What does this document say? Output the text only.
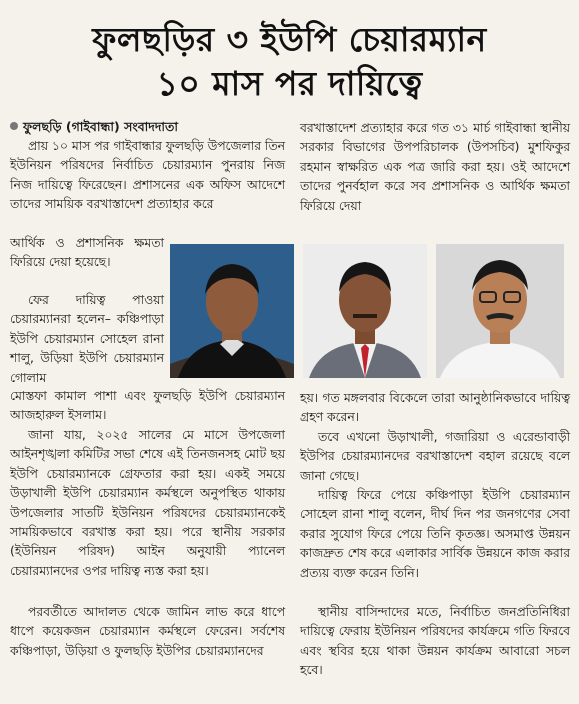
ফুলছড়ির ৩ ইউপি চেয়ারম্যান
১০ মাস পর দায়িত্বে
ফুলছড়ি (গাইবান্ধা) সংবাদদাতা

প্রায় ১০ মাস পর গাইবান্ধার ফুলছড়ি উপজেলার তিন ইউনিয়ন পরিষদের নির্বাচিত চেয়ারম্যান পুনরায় নিজ নিজ দায়িত্বে ফিরেছেন। প্রশাসনের এক অফিস আদেশে তাদের সাময়িক বরখাস্তাদেশ প্রত্যাহার করে

আর্থিক ও প্রশাসনিক ক্ষমতা ফিরিয়ে দেয়া হয়েছে।

ফের দায়িত্ব পাওয়া চেয়ারম্যানরা হলেন– কঞ্চিপাড়া ইউপি চেয়ারম্যান সোহেল রানা শালু, উড়িয়া ইউপি চেয়ারম্যান গোলাম

মোস্তফা কামাল পাশা এবং ফুলছড়ি ইউপি চেয়ারম্যান আজহারুল ইসলাম।

জানা যায়, ২০২৫ সালের মে মাসে উপজেলা আইনশৃঙ্খলা কমিটির সভা শেষে এই তিনজনসহ মোট ছয় ইউপি চেয়ারম্যানকে গ্রেফতার করা হয়। একই সময়ে উড়াখালী ইউপি চেয়ারম্যান কর্মস্থলে অনুপস্থিত থাকায় উপজেলার সাতটি ইউনিয়ন পরিষদের চেয়ারম্যানকেই সাময়িকভাবে বরখাস্ত করা হয়। পরে স্থানীয় সরকার (ইউনিয়ন পরিষদ) আইন অনুযায়ী প্যানেল চেয়ারম্যানদের ওপর দায়িত্ব ন্যস্ত করা হয়।

পরবর্তীতে আদালত থেকে জামিন লাভ করে ধাপে ধাপে কয়েকজন চেয়ারম্যান কর্মস্থলে ফেরেন। সর্বশেষ কঞ্চিপাড়া, উড়িয়া ও ফুলছড়ি ইউপির চেয়ারম্যানদের

বরখাস্তাদেশ প্রত্যাহার করে গত ৩১ মার্চ গাইবান্ধা স্থানীয় সরকার বিভাগের উপপরিচালক (উপসচিব) মুশফিকুর রহমান স্বাক্ষরিত এক পত্র জারি করা হয়। ওই আদেশে তাদের পুনর্বহাল করে সব প্রশাসনিক ও আর্থিক ক্ষমতা ফিরিয়ে দেয়া

হয়। গত মঙ্গলবার বিকেলে তারা আনুষ্ঠানিকভাবে দায়িত্ব গ্রহণ করেন।

তবে এখনো উড়াখালী, গজারিয়া ও এরেন্ডাবাড়ী ইউপির চেয়ারম্যানদের বরখাস্তাদেশ বহাল রয়েছে বলে জানা গেছে।

দায়িত্ব ফিরে পেয়ে কঞ্চিপাড়া ইউপি চেয়ারম্যান সোহেল রানা শালু বলেন, দীর্ঘ দিন পর জনগণের সেবা করার সুযোগ ফিরে পেয়ে তিনি কৃতজ্ঞ। অসমাপ্ত উন্নয়ন কাজদ্রুত শেষ করে এলাকার সার্বিক উন্নয়নে কাজ করার প্রত্যয় ব্যক্ত করেন তিনি।

স্থানীয় বাসিন্দাদের মতে, নির্বাচিত জনপ্রতিনিধিরা দায়িত্বে ফেরায় ইউনিয়ন পরিষদের কার্যক্রমে গতি ফিরবে এবং স্থবির হয়ে থাকা উন্নয়ন কার্যক্রম আবারো সচল হবে।
